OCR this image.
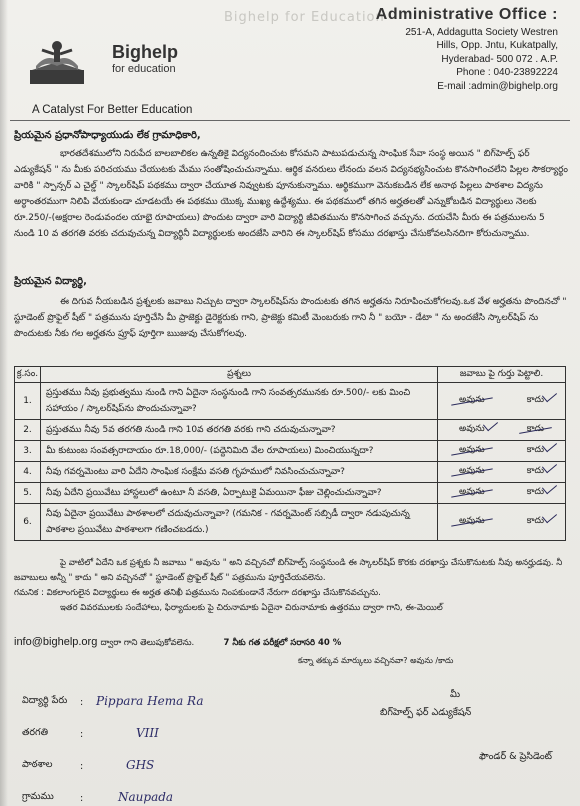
Bighelp for Education
Bighelp
for education
A Catalyst For Better Education
Administrative Office :
251-A, Addagutta Society Westren
Hills, Opp. Jntu, Kukatpally,
Hyderabad- 500 072 . A.P.
Phone : 040-23892224
E-mail :admin@bighelp.org
ప్రియమైన ప్రధానోపాధ్యాయుడు లేక గ్రామాధికారి,
భారతదేశములోని నిరుపేద బాలబాలికల ఉన్నతికై విద్యనందించుట కోసమని పాటుపడుచున్న సాంఘిక సేవా సంస్థ అయిన " బిగ్‌హెల్ప్ ఫర్ ఎడ్యుకేషన్ " ను మీకు పరిచయము చేయుటకు మేము సంతోషించుచున్నాము. ఆర్థిక వనరులు లేనందు వలన విద్యనభ్యసించుట కొనసాగించలేని పిల్లల సౌకర్యార్థం వారికి " స్పాన్సర్ ఎ చైల్డ్ " స్కాలర్‌షిప్ పథకము ద్వారా చేయూత నివ్వుటకు పూనుకున్నాము. ఆర్థికముగా వెనుకబడిన లేక అనాథ పిల్లలు పాఠశాల విద్యను అర్ధాంతరముగా నిలిపి వేయకుండా చూడటయే ఈ పథకము యొక్క ముఖ్య ఉద్దేశ్యము. ఈ పథకములో తగిన అర్హతలతో ఎన్నుకోబడిన విద్యార్థులు నెలకు రూ.250/-(అక్షరాల రెండువందల యాభై రూపాయలు) పొందుట ద్వారా వారి విద్యార్థి జీవితమును కొనసాగించ వచ్చును. దయచేసి మీరు ఈ పత్రములను 5 నుండి 10 వ తరగతి వరకు చదువుచున్న విద్యార్థినీ విద్యార్థులకు అందజేసి వారిని ఈ స్కాలర్‌షిప్ కోసము దరఖాస్తు చేసుకోవలసినదిగా కోరుచున్నాము.
ప్రియమైన విద్యార్థి,
ఈ దిగువ నీయబడిన ప్రశ్నలకు జవాబు నిచ్చుట ద్వారా స్కాలర్‌షిప్‌ను పొందుటకు తగిన అర్హతను నిరూపించుకోగలవు.ఒక వేళ అర్హతను పొందినచో " స్టూడెంట్ ప్రొఫైల్ షీట్ " పత్రమును పూర్తిచేసి మీ ప్రాజెక్టు డైరెక్టరుకు గాని, ప్రాజెక్టు కమిటీ మెంబరుకు గాని నీ " బయో - డేటా " ను అందజేసి స్కాలర్‌షిప్ ను పొందుటకు నీకు గల అర్హతను ప్రూఫ్ పూర్తిగా ఋజువు చేసుకోగలవు.
క్ర.సం.	ప్రశ్నలు	జవాబు పై గుర్తు పెట్టాలి.
1.	ప్రస్తుతము నీవు ప్రభుత్వము నుండి గాని ఏదైనా సంస్థనుండి గాని సంవత్సరమునకు రూ.500/- లకు మించి సహాయం / స్కాలర్‌షిప్‌ను పొందుచున్నావా?	అవును కాదు

2.	ప్రస్తుతము నీవు 5వ తరగతి నుండి గాని 10వ తరగతి వరకు గాని చదువుచున్నావా?	అవును కాదు

3.	మీ కుటుంబ సంవత్సరాదాయం రూ.18,000/- (పద్దెనిమిది వేల రూపాయలు) మించియున్నదా?	అవును కాదు

4.	నీవు గవర్నమెంటు వారి ఏదేని సాంఘిక సంక్షేమ వసతి గృహములో నివసించుచున్నావా?	అవును కాదు

5.	నీవు ఏదేని ప్రయివేటు హాస్టలులో ఉంటూ నీ వసతి, ఏర్పాటుకై ఏమయినా ఫీజు చెల్లించుచున్నావా?	అవును కాదు

6.	నీవు ఏదైనా ప్రయివేటు పాఠశాలలో చదువుచున్నావా? (గమనిక - గవర్నమెంట్ సబ్సిడీ ద్వారా నడుపుచున్న పాఠశాల ప్రయివేటు పాఠశాలగా గణించబడదు.)	అవును కాదు
పై వాటిలో ఏదేని ఒక ప్రశ్నకు నీ జవాబు " అవును " అని వచ్చినచో బిగ్‌హెల్ప్ సంస్థనుండి ఈ స్కాలర్‌షిప్ కొరకు దరఖాస్తు చేసుకొనుటకు నీవు అనర్హుడవు. నీ జవాబులు అన్నీ " కాదు " అని వచ్చినచో " స్టూడెంట్ ప్రొఫైల్ షీట్ " పత్రమును పూర్తిచేయవలెను.
గమనిక : వికలాంగులైన విద్యార్థులు ఈ అర్హత తనిఖీ పత్రమును నింపకుండానే నేరుగా దరఖాస్తు చేసుకొనవచ్చును.
ఇతర వివరములకు సందేహాలు, ఫిర్యాదులకు పై చిరునామాకు ఏదైనా చిరునామాకు ఉత్తరము ద్వారా గాని, ఈ-మెయిల్
info@bighelp.org ద్వారా గాని తెలుపుకోవలెను.	7 నీకు గత పరీక్షలో సరాసరి 40 %
కన్నా తక్కువ మార్కులు వచ్చినవా? అవును /కాదు
విద్యార్థి పేరు	:	Pippara Hema Ra
తరగతి	:	VIII
పాఠశాల	:	GHS
గ్రామము	:	Naupada
మీ
బిగ్‌హెల్ప్ ఫర్ ఎడ్యుకేషన్
ఫౌండర్ & ప్రెసిడెంట్
